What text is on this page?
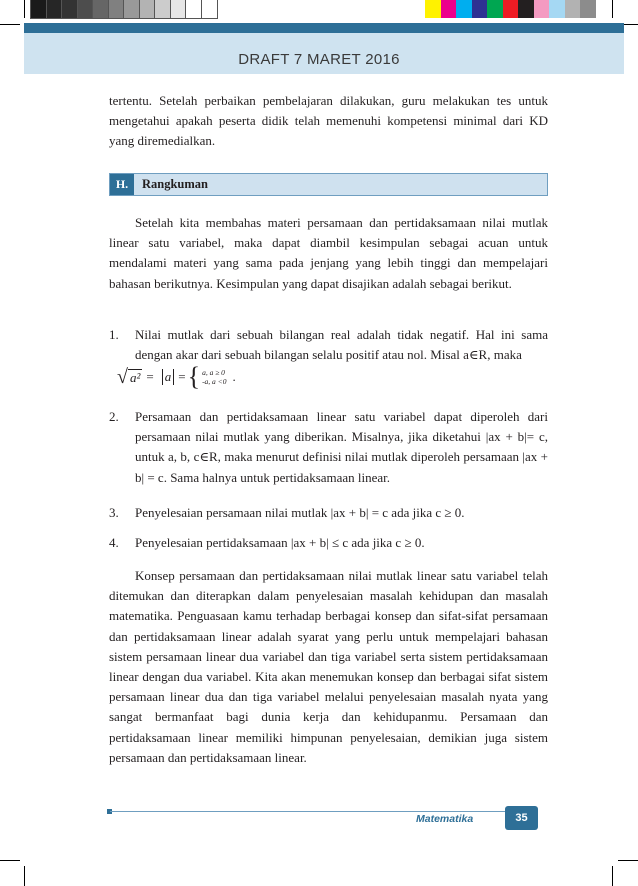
DRAFT 7 MARET 2016

tertentu. Setelah perbaikan pembelajaran dilakukan, guru melakukan tes untuk mengetahui apakah peserta didik telah memenuhi kompetensi minimal dari KD yang diremedialkan.

H.	Rangkuman

Setelah kita membahas materi persamaan dan pertidaksamaan nilai mutlak linear satu variabel, maka dapat diambil kesimpulan sebagai acuan untuk mendalami materi yang sama pada jenjang yang lebih tinggi dan mempelajari bahasan berikutnya. Kesimpulan yang dapat disajikan adalah sebagai berikut.

1. Nilai mutlak dari sebuah bilangan real adalah tidak negatif. Hal ini sama dengan akar dari sebuah bilangan selalu positif atau nol. Misal a∈R, maka
√ a² = a = { a, a ≥ 0
-a, a <0 .
2. Persamaan dan pertidaksamaan linear satu variabel dapat diperoleh dari persamaan nilai mutlak yang diberikan. Misalnya, jika diketahui |ax + b|= c, untuk a, b, c∈R, maka menurut definisi nilai mutlak diperoleh persamaan |ax + b| = c. Sama halnya untuk pertidaksamaan linear.
3. Penyelesaian persamaan nilai mutlak |ax + b| = c ada jika c ≥ 0.
4. Penyelesaian pertidaksamaan |ax + b| ≤ c ada jika c ≥ 0.

Konsep persamaan dan pertidaksamaan nilai mutlak linear satu variabel telah ditemukan dan diterapkan dalam penyelesaian masalah kehidupan dan masalah matematika. Penguasaan kamu terhadap berbagai konsep dan sifat-sifat persamaan dan pertidaksamaan linear adalah syarat yang perlu untuk mempelajari bahasan sistem persamaan linear dua variabel dan tiga variabel serta sistem pertidaksamaan linear dengan dua variabel. Kita akan menemukan konsep dan berbagai sifat sistem persamaan linear dua dan tiga variabel melalui penyelesaian masalah nyata yang sangat bermanfaat bagi dunia kerja dan kehidupanmu. Persamaan dan pertidaksamaan linear memiliki himpunan penyelesaian, demikian juga sistem persamaan dan pertidaksamaan linear.

Matematika	35
